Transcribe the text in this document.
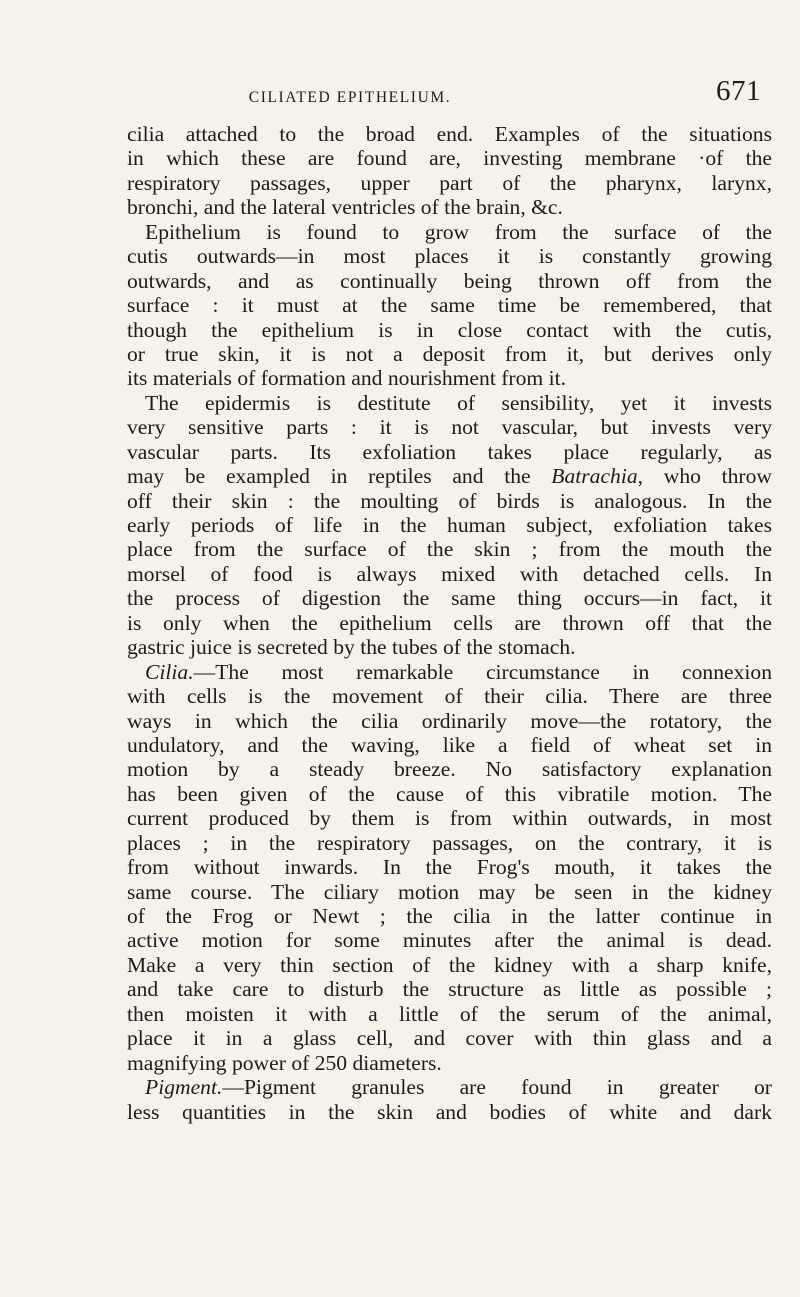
CILIATED EPITHELIUM.	671
cilia attached to the broad end. Examples of the situations
in which these are found are, investing membrane ·of the
respiratory passages, upper part of the pharynx, larynx,
bronchi, and the lateral ventricles of the brain, &c.
Epithelium is found to grow from the surface of the
cutis outwards—in most places it is constantly growing
outwards, and as continually being thrown off from the
surface : it must at the same time be remembered, that
though the epithelium is in close contact with the cutis,
or true skin, it is not a deposit from it, but derives only
its materials of formation and nourishment from it.
The epidermis is destitute of sensibility, yet it invests
very sensitive parts : it is not vascular, but invests very
vascular parts. Its exfoliation takes place regularly, as
may be exampled in reptiles and the Batrachia, who throw
off their skin : the moulting of birds is analogous. In the
early periods of life in the human subject, exfoliation takes
place from the surface of the skin ; from the mouth the
morsel of food is always mixed with detached cells. In
the process of digestion the same thing occurs—in fact, it
is only when the epithelium cells are thrown off that the
gastric juice is secreted by the tubes of the stomach.
Cilia.—The most remarkable circumstance in connexion
with cells is the movement of their cilia. There are three
ways in which the cilia ordinarily move—the rotatory, the
undulatory, and the waving, like a field of wheat set in
motion by a steady breeze. No satisfactory explanation
has been given of the cause of this vibratile motion. The
current produced by them is from within outwards, in most
places ; in the respiratory passages, on the contrary, it is
from without inwards. In the Frog's mouth, it takes the
same course. The ciliary motion may be seen in the kidney
of the Frog or Newt ; the cilia in the latter continue in
active motion for some minutes after the animal is dead.
Make a very thin section of the kidney with a sharp knife,
and take care to disturb the structure as little as possible ;
then moisten it with a little of the serum of the animal,
place it in a glass cell, and cover with thin glass and a
magnifying power of 250 diameters.
Pigment.—Pigment granules are found in greater or
less quantities in the skin and bodies of white and dark
